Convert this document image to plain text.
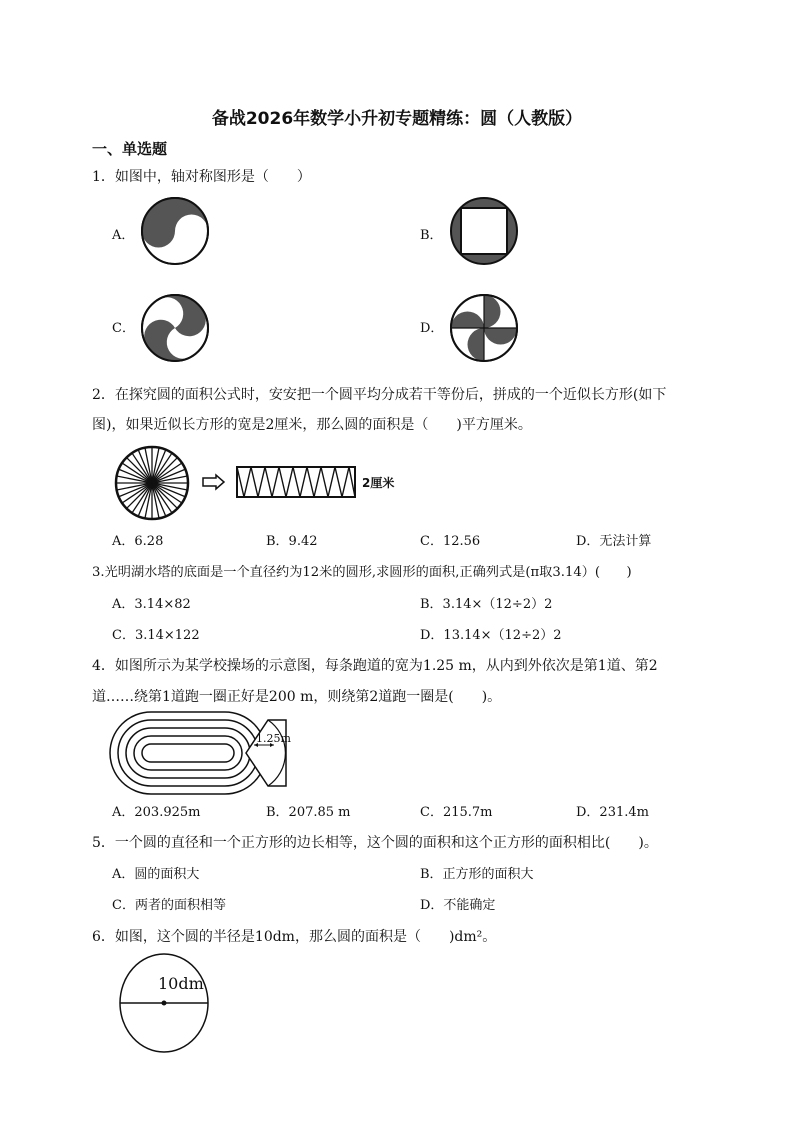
备战2026年数学小升初专题精练：圆（人教版）
一、单选题
1．如图中，轴对称图形是（　　）
A．	B．
C．	D．
2．在探究圆的面积公式时，安安把一个圆平均分成若干等份后，拼成的一个近似长方形(如下
图)，如果近似长方形的宽是2厘米，那么圆的面积是（　　)平方厘米。
2厘米
A．6.28	B．9.42	C．12.56	D．无法计算
3.光明湖水塔的底面是一个直径约为12米的圆形,求圆形的面积,正确列式是(π取3.14）(　　)
A．3.14×82	B．3.14×（12÷2）2
C．3.14×122	D．13.14×（12÷2）2
4．如图所示为某学校操场的示意图，每条跑道的宽为1.25 m，从内到外依次是第1道、第2
道……绕第1道跑一圈正好是200 m，则绕第2道跑一圈是(　　)。
1.25m
A．203.925m	B．207.85 m	C．215.7m	D．231.4m
5．一个圆的直径和一个正方形的边长相等，这个圆的面积和这个正方形的面积相比(　　)。
A．圆的面积大	B．正方形的面积大
C．两者的面积相等	D．不能确定
6．如图，这个圆的半径是10dm，那么圆的面积是（　　)dm²。
10dm
